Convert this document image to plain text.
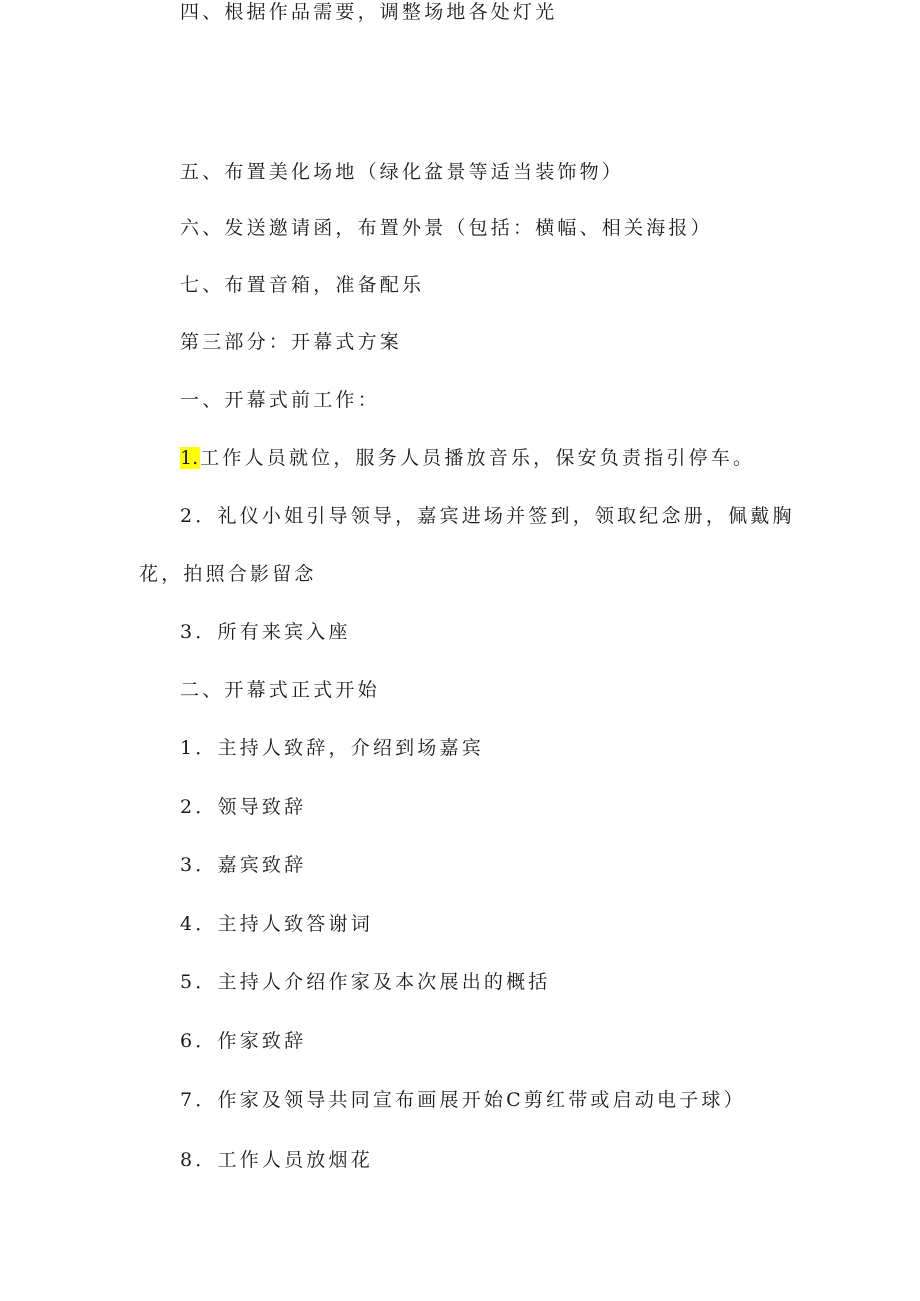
四、根据作品需要，调整场地各处灯光
五、布置美化场地（绿化盆景等适当装饰物）
六、发送邀请函，布置外景（包括：横幅、相关海报）
七、布置音箱，准备配乐
第三部分：开幕式方案
一、开幕式前工作：
1. 工作人员就位，服务人员播放音乐，保安负责指引停车。
2．礼仪小姐引导领导，嘉宾进场并签到，领取纪念册，佩戴胸
花，拍照合影留念
3．所有来宾入座
二、开幕式正式开始
1．主持人致辞，介绍到场嘉宾
2．领导致辞
3．嘉宾致辞
4．主持人致答谢词
5．主持人介绍作家及本次展出的概括
6．作家致辞
7．作家及领导共同宣布画展开始C剪红带或启动电子球）
8．工作人员放烟花
